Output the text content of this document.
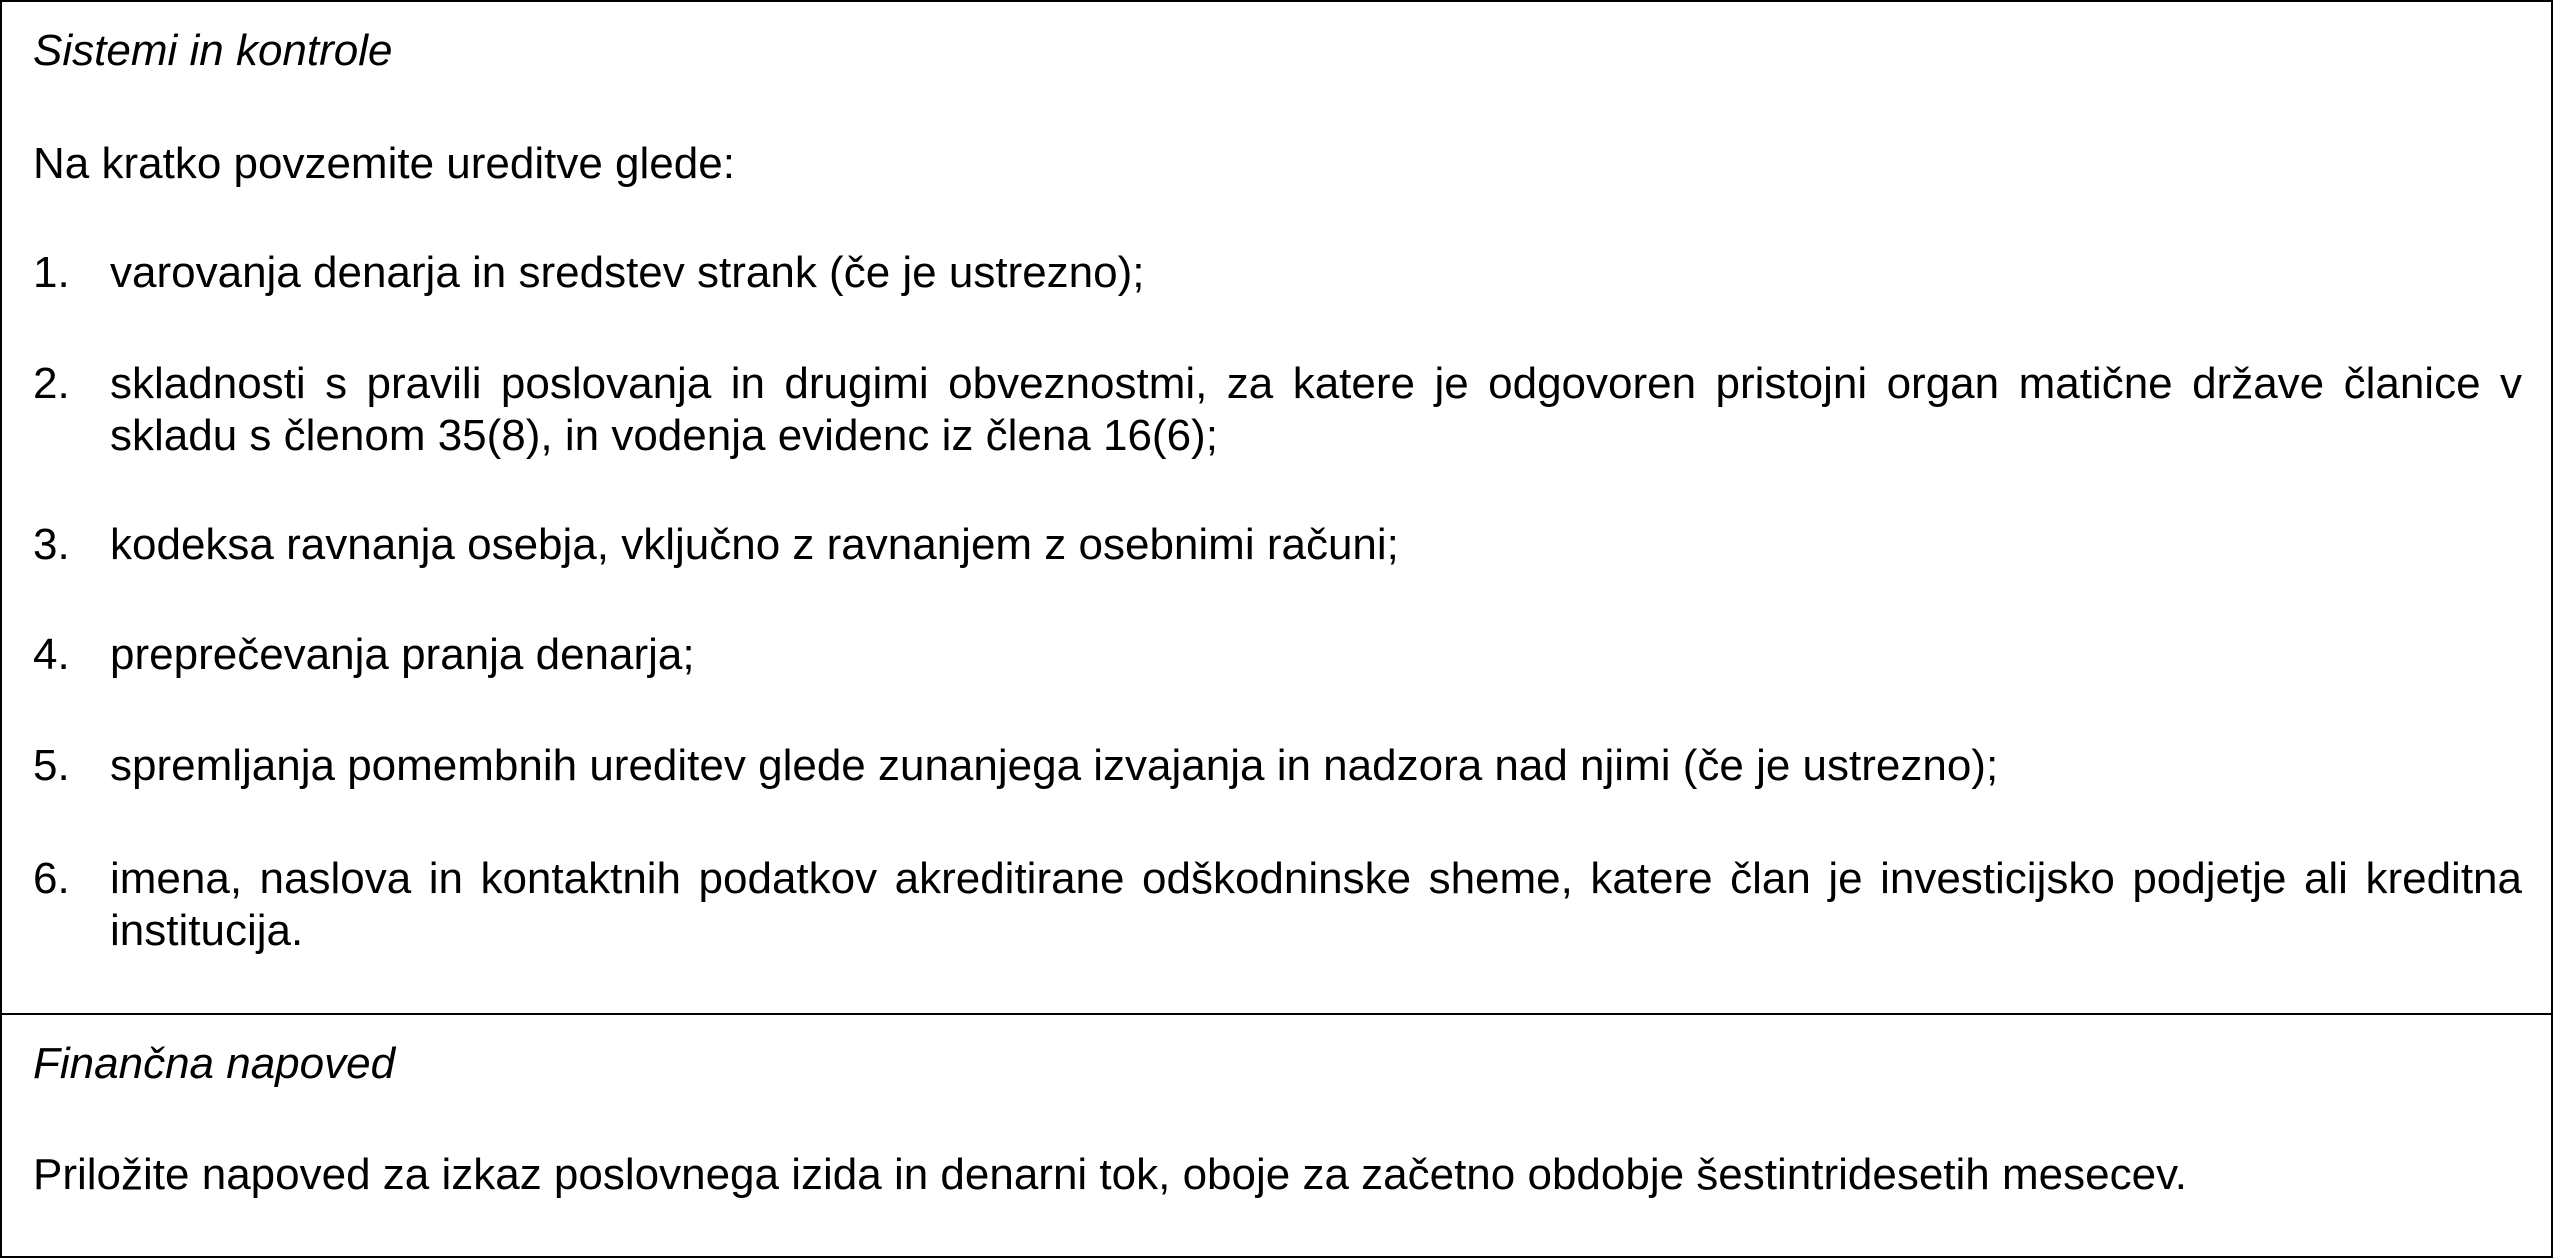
Sistemi in kontrole
Na kratko povzemite ureditve glede:
1. varovanja denarja in sredstev strank (če je ustrezno);
2. skladnosti s pravili poslovanja in drugimi obveznostmi, za katere je odgovoren pristojni organ matične države članice v skladu s členom 35(8), in vodenja evidenc iz člena 16(6);
3. kodeksa ravnanja osebja, vključno z ravnanjem z osebnimi računi;
4. preprečevanja pranja denarja;
5. spremljanja pomembnih ureditev glede zunanjega izvajanja in nadzora nad njimi (če je ustrezno);
6. imena, naslova in kontaktnih podatkov akreditirane odškodninske sheme, katere član je investicijsko podjetje ali kreditna institucija.
Finančna napoved
Priložite napoved za izkaz poslovnega izida in denarni tok, oboje za začetno obdobje šestintridesetih mesecev.
